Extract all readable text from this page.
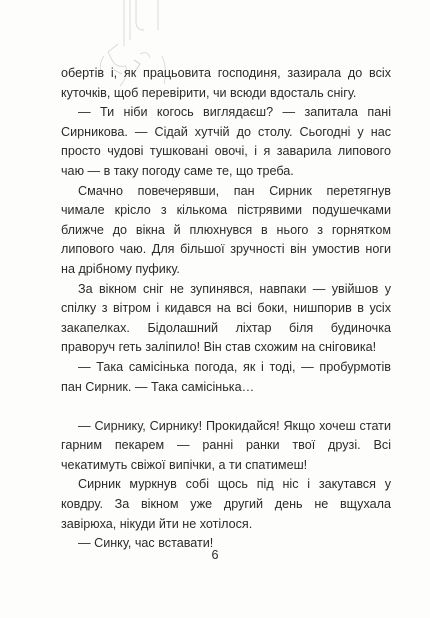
обертів і, як працьовита господиня, зазирала до всіх куточків, щоб перевірити, чи всюди вдосталь снігу.

— Ти ніби когось виглядаєш? — запитала пані Сирникова. — Сідай хутчій до столу. Сьогодні у нас просто чудові тушковані овочі, і я заварила липового чаю — в таку погоду саме те, що треба.

Смачно повечерявши, пан Сирник перетягнув чимале крісло з кількома пістрявими подушечками ближче до вікна й плюхнувся в нього з горнятком липового чаю. Для більшої зручності він умостив ноги на дрібному пуфику.

За вікном сніг не зупинявся, навпаки — увійшов у спілку з вітром і кидався на всі боки, нишпорив в усіх закапелках. Бідолашний ліхтар біля будиночка праворуч геть заліпило! Він став схожим на сніговика!

— Така самісінька погода, як і тоді, — пробурмотів пан Сирник. — Така самісінька…

— Сирнику, Сирнику! Прокидайся! Якщо хочеш стати гарним пекарем — ранні ранки твої друзі. Всі чекатимуть свіжої випічки, а ти спатимеш!

Сирник муркнув собі щось під ніс і закутався у ковдру. За вікном уже другий день не вщухала завірюха, нікуди йти не хотілося.

— Синку, час вставати!

6
